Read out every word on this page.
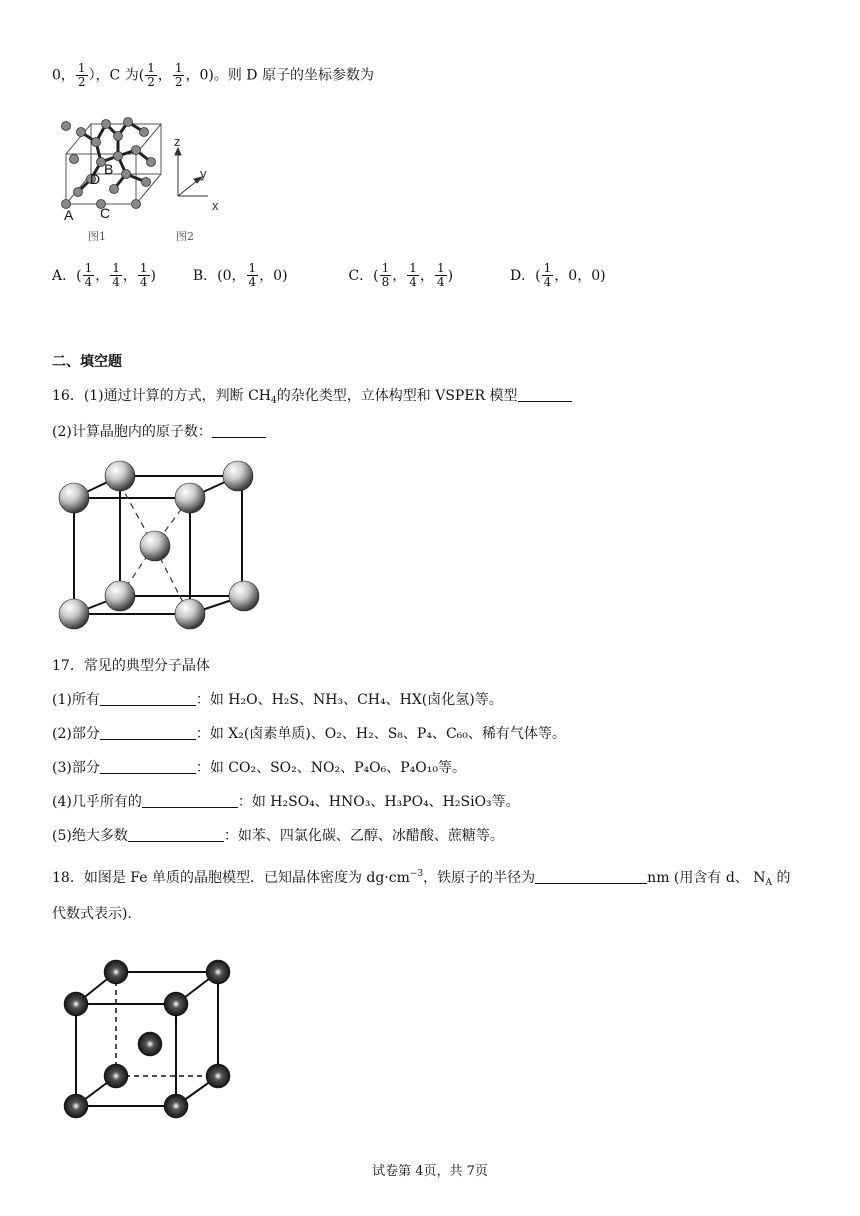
0， $\frac{1}{2}$ ），C 为( $\frac{1}{2}$ ， $\frac{1}{2}$ ，0)。则 D 原子的坐标参数为
B
D
A C
z
y
x
图1	图2
A．( $\frac{1}{4}$ ， $\frac{1}{4}$ ， $\frac{1}{4}$ )	B．(0， $\frac{1}{4}$ ，0)	C．( $\frac{1}{8}$ ， $\frac{1}{4}$ ， $\frac{1}{4}$ )	D．( $\frac{1}{4}$ ，0，0)
二、填空题
16．(1)通过计算的方式，判断 $CH_4$的杂化类型，立体构型和 VSPER 模型
(2)计算晶胞内的原子数：
17．常见的典型分子晶体
(1)所有	：如 H₂O、H₂S、NH₃、CH₄、HX(卤化氢)等。
(2)部分	：如 X₂(卤素单质)、O₂、H₂、S₈、P₄、C₆₀、稀有气体等。
(3)部分	：如 CO₂、SO₂、NO₂、P₄O₆、P₄O₁₀等。
(4)几乎所有的	：如 H₂SO₄、HNO₃、H₃PO₄、H₂SiO₃等。
(5)绝大多数	：如苯、四氯化碳、乙醇、冰醋酸、蔗糖等。
18．如图是 Fe 单质的晶胞模型．已知晶体密度为 $dg\cdot cm^{-3}$，铁原子的半径为	nm (用含有 d、 $N_A$ 的
代数式表示).
试卷第 4页，共 7页
